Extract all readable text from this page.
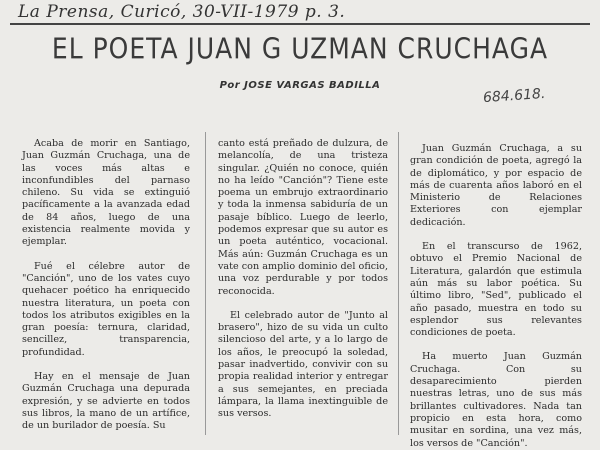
La Prensa, Curicó, 30-VII-1979 p. 3.
EL POETA JUAN G UZMAN CRUCHAGA
Por JOSE VARGAS BADILLA
684.618.

Acaba de morir en Santiago, Juan Guzmán Cruchaga, una de las voces más altas e inconfundibles del parnaso chileno. Su vida se extinguió pacíficamente a la avanzada edad de 84 años, luego de una existencia realmente movida y ejemplar.

Fué el célebre autor de "Canción", uno de los vates cuyo quehacer poético ha enriquecido nuestra literatura, un poeta con todos los atributos exigibles en la gran poesía: ternura, claridad, sencillez, transparencia, profundidad.

Hay en el mensaje de Juan Guzmán Cruchaga una depurada expresión, y se advierte en todos sus libros, la mano de un artífice, de un burilador de poesía. Su

canto está preñado de dulzura, de melancolía, de una tristeza singular. ¿Quién no conoce, quién no ha leído "Canción"? Tiene este poema un embrujo extraordinario y toda la inmensa sabiduría de un pasaje bíblico. Luego de leerlo, podemos expresar que su autor es un poeta auténtico, vocacional. Más aún: Guzmán Cruchaga es un vate con amplio dominio del oficio, una voz perdurable y por todos reconocida.

El celebrado autor de "Junto al brasero", hizo de su vida un culto silencioso del arte, y a lo largo de los años, le preocupó la soledad, pasar inadvertido, convivir con su propia realidad interior y entregar a sus semejantes, en preciada lámpara, la llama inextinguible de sus versos.

Juan Guzmán Cruchaga, a su gran condición de poeta, agregó la de diplomático, y por espacio de más de cuarenta años laboró en el Ministerio de Relaciones Exteriores con ejemplar dedicación.

En el transcurso de 1962, obtuvo el Premio Nacional de Literatura, galardón que estimula aún más su labor poética. Su último libro, "Sed", publicado el año pasado, muestra en todo su esplendor sus relevantes condiciones de poeta.

Ha muerto Juan Guzmán Cruchaga. Con su desaparecimiento pierden nuestras letras, uno de sus más brillantes cultivadores. Nada tan propicio en esta hora, como musitar en sordina, una vez más, los versos de "Canción".
